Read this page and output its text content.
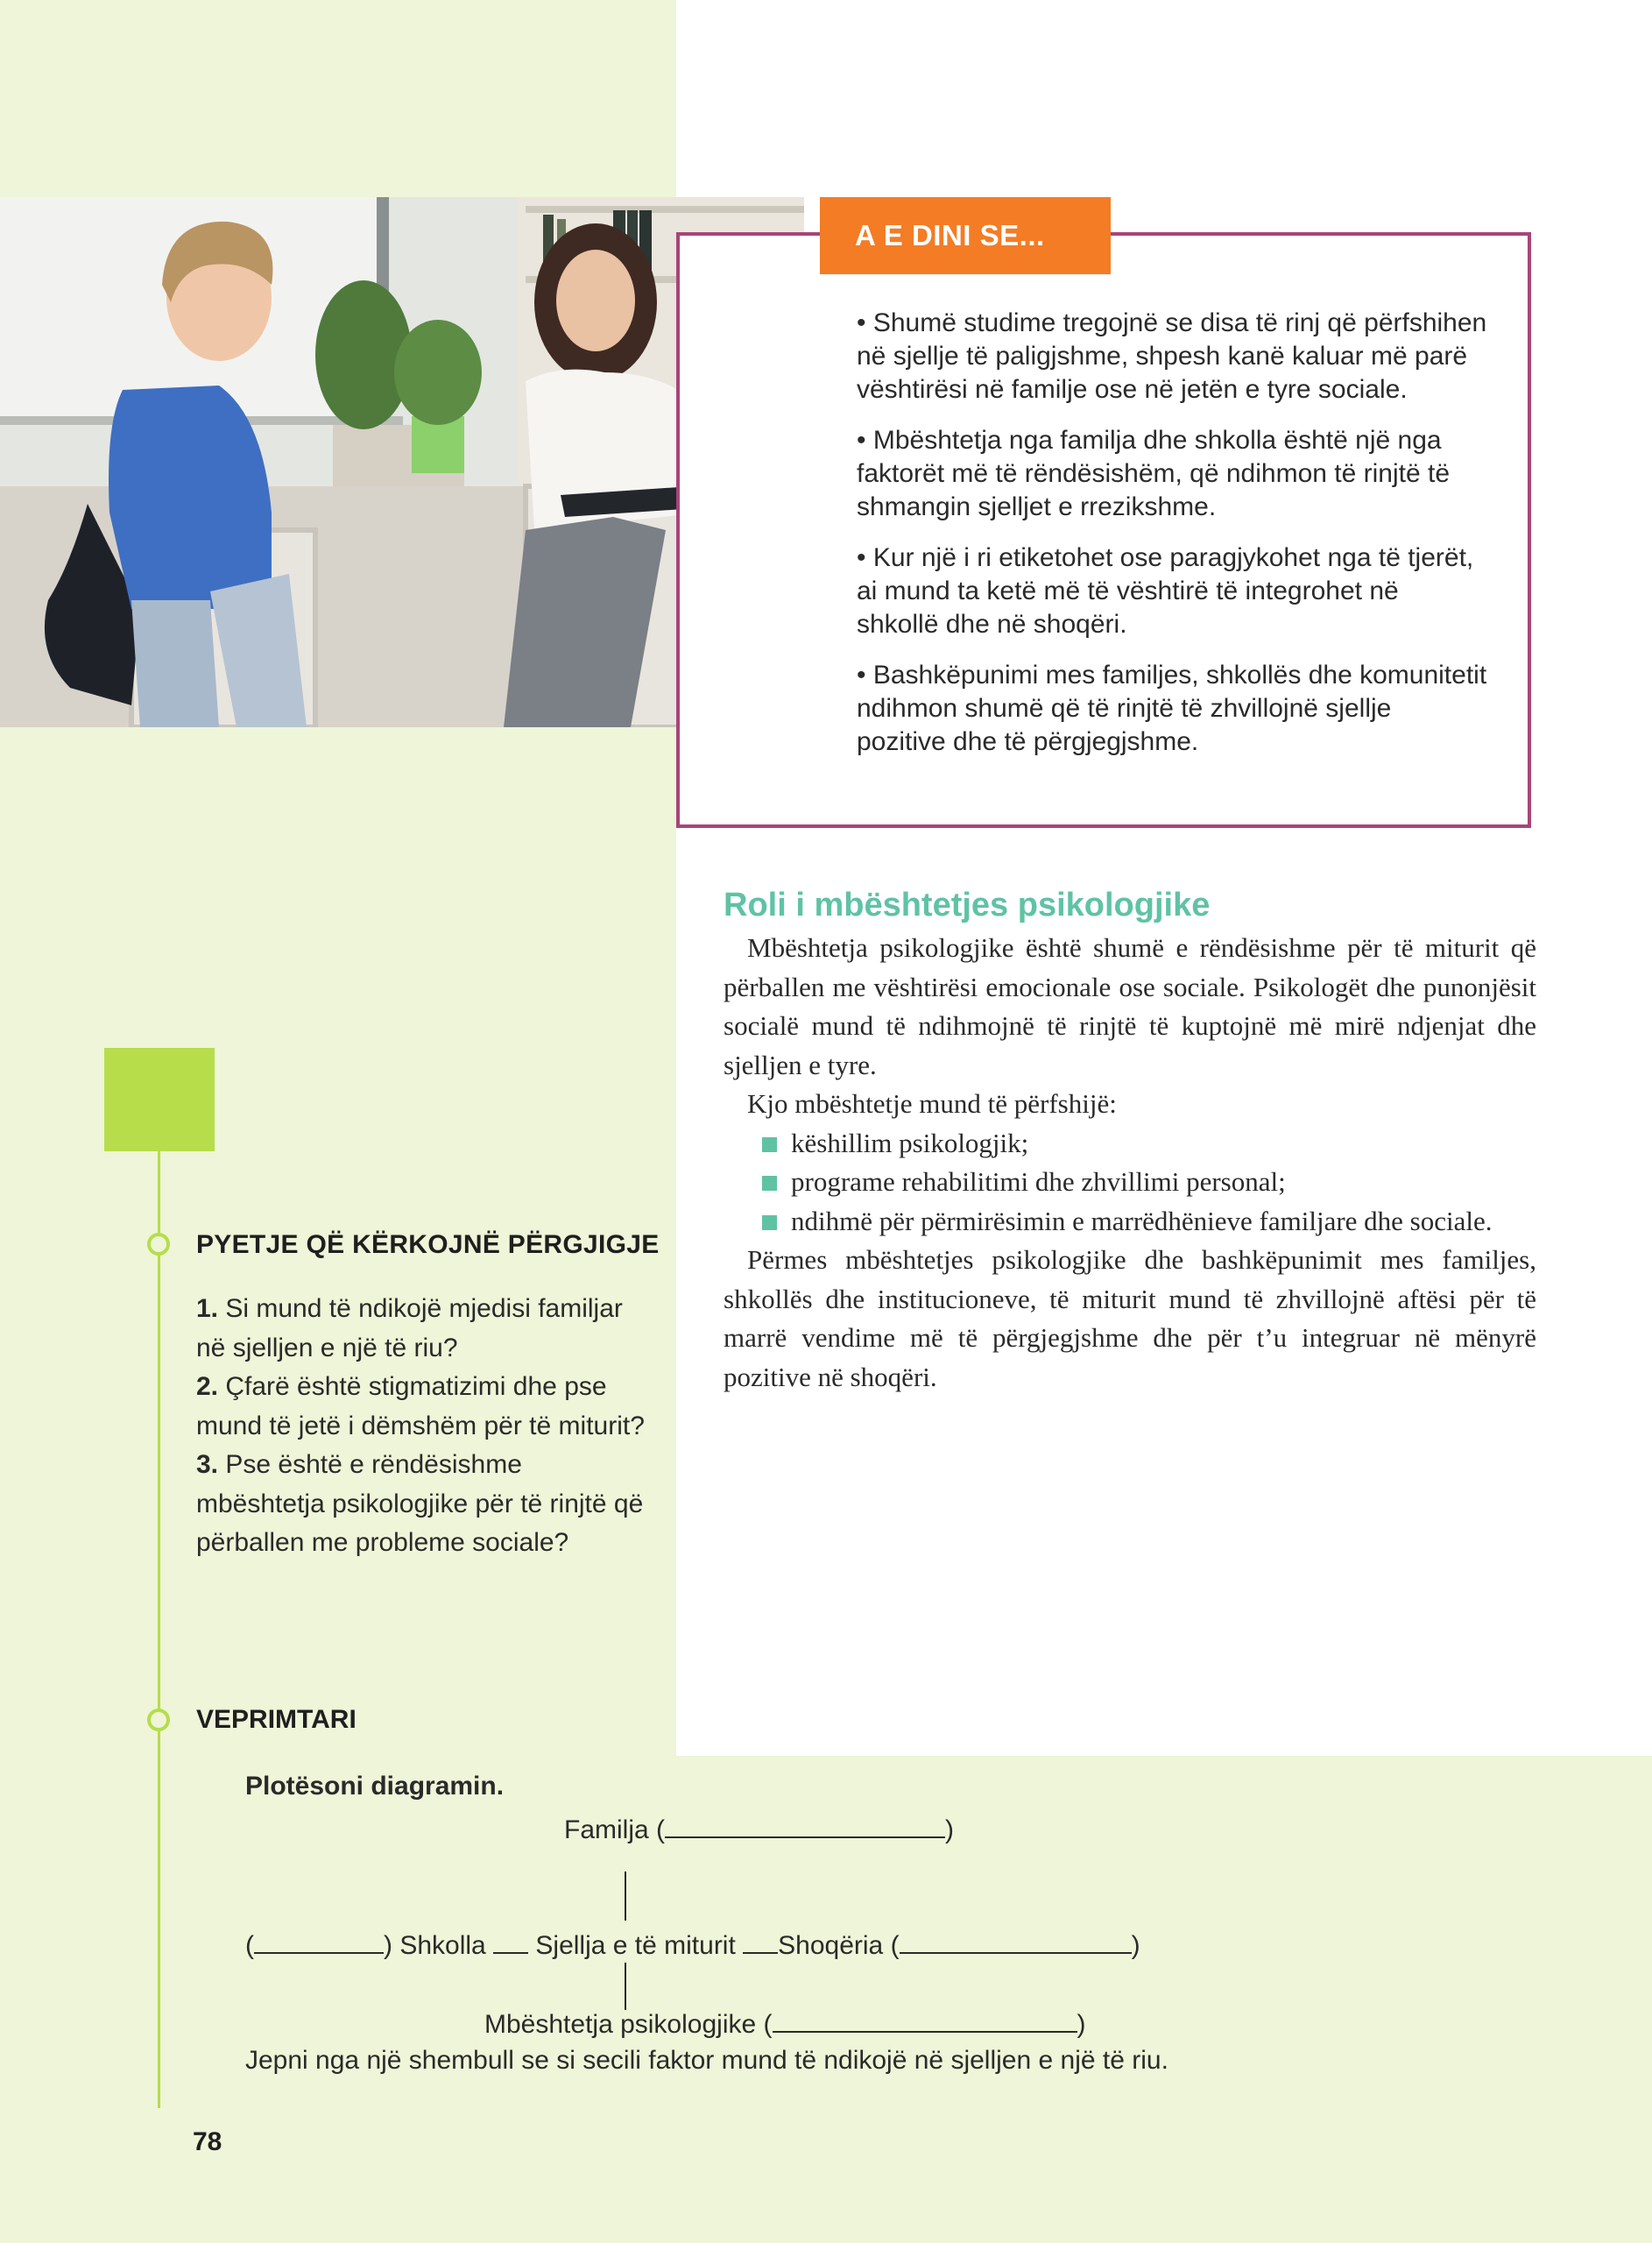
A E DINI SE...
• Shumë studime tregojnë se disa të rinj që përfshihen në sjellje të paligjshme, shpesh kanë kaluar më parë vështirësi në familje ose në jetën e tyre sociale.
• Mbështetja nga familja dhe shkolla është një nga faktorët më të rëndësishëm, që ndihmon të rinjtë të shmangin sjelljet e rrezikshme.
• Kur një i ri etiketohet ose paragjykohet nga të tjerët, ai mund ta ketë më të vështirë të integrohet në shkollë dhe në shoqëri.
• Bashkëpunimi mes familjes, shkollës dhe komunitetit ndihmon shumë që të rinjtë të zhvillojnë sjellje pozitive dhe të përgjegjshme.
Roli i mbështetjes psikologjike

Mbështetja psikologjike është shumë e rëndësishme për të miturit që përballen me vështirësi emocionale ose sociale. Psikologët dhe punonjësit socialë mund të ndihmojnë të rinjtë të kuptojnë më mirë ndjenjat dhe sjelljen e tyre.

Kjo mbështetje mund të përfshijë:

këshillim psikologjik;
programe rehabilitimi dhe zhvillimi personal;
ndihmë për përmirësimin e marrëdhënieve familjare dhe sociale.

Përmes mbështetjes psikologjike dhe bashkëpunimit mes familjes, shkollës dhe institucioneve, të miturit mund të zhvillojnë aftësi për të marrë vendime më të përgjegjshme dhe për t’u integruar në mënyrë pozitive në shoqëri.

PYETJE QË KËRKOJNË PËRGJIGJE
1. Si mund të ndikojë mjedisi familjar në sjelljen e një të riu?
2. Çfarë është stigmatizimi dhe pse mund të jetë i dëmshëm për të miturit?
3. Pse është e rëndësishme mbështetja psikologjike për të rinjtë që përballen me probleme sociale?
VEPRIMTARI
Plotësoni diagramin.
Familja (	)
(	) Shkolla  Sjellja e të miturit Shoqëria (	)
Mbështetja psikologjike (	)
Jepni nga një shembull se si secili faktor mund të ndikojë në sjelljen e një të riu.
78
